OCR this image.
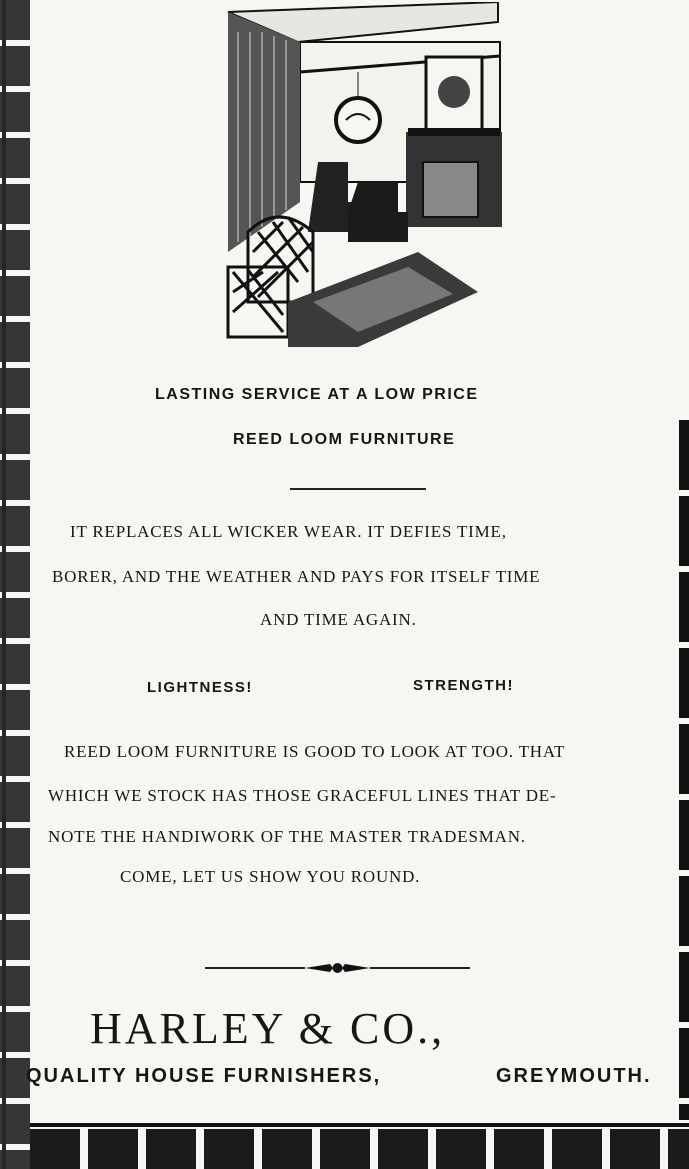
LASTING SERVICE AT A LOW PRICE
REED LOOM FURNITURE
IT REPLACES ALL WICKER WEAR. IT DEFIES TIME,
BORER, AND THE WEATHER AND PAYS FOR ITSELF TIME
AND TIME AGAIN.
LIGHTNESS!	STRENGTH!
REED LOOM FURNITURE IS GOOD TO LOOK AT TOO. THAT
WHICH WE STOCK HAS THOSE GRACEFUL LINES THAT DE-
NOTE THE HANDIWORK OF THE MASTER TRADESMAN.
COME, LET US SHOW YOU ROUND.
HARLEY & CO.,
QUALITY HOUSE FURNISHERS,	GREYMOUTH.
